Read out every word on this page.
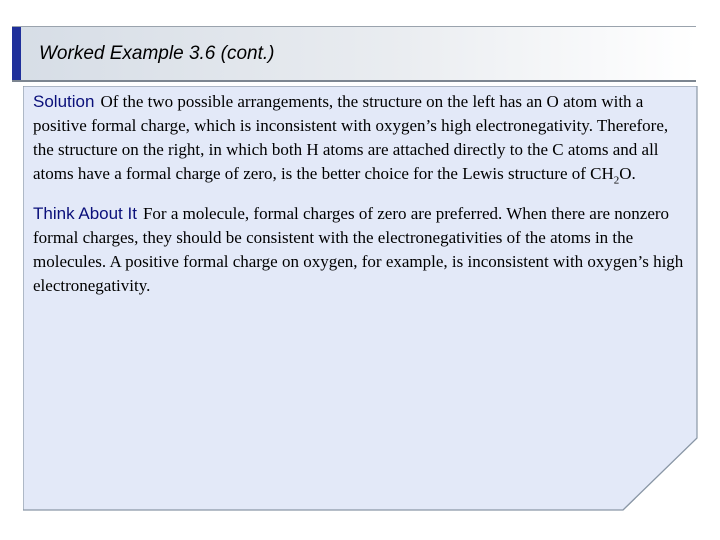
Worked Example 3.6 (cont.)

Solution Of the two possible arrangements, the structure on the left has an O atom with a positive formal charge, which is inconsistent with oxygen’s high electronegativity. Therefore, the structure on the right, in which both H atoms are attached directly to the C atoms and all atoms have a formal charge of zero, is the better choice for the Lewis structure of $CH_2O$.

Think About It For a molecule, formal charges of zero are preferred. When there are nonzero formal charges, they should be consistent with the electronegativities of the atoms in the molecules. A positive formal charge on oxygen, for example, is inconsistent with oxygen’s high electronegativity.
